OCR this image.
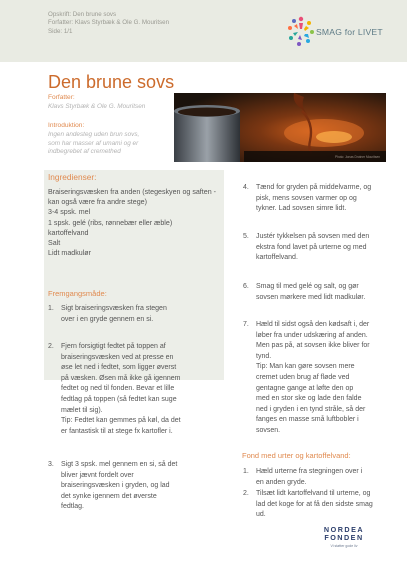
Opskrift: Den brune sovs
Forfatter: Klavs Styrbæk & Ole G. Mouritsen
Side: 1/1	SMAG for LIVET
Den brune sovs
Forfatter:
Klavs Styrbæk & Ole G. Mouritsen
Introduktion:
Ingen andesteg uden brun sovs,
som har masser af umami og er
indbegrebet af cremethed
Photo: Jonas Drotner Mouritsen
Ingredienser:
Braiseringsvæsken fra anden (stegeskyen og saften - kan også være fra andre stege)
3-4 spsk. mel
1 spsk. gelé (ribs, rønnebær eller æble)
kartoffelvand
Salt
Lidt madkulør
Fremgangsmåde:
1. Sigt braiseringsvæsken fra stegen

over i en gryde gennem en si.

2. Fjern forsigtigt fedtet på toppen af

braiseringsvæsken ved at presse en

øse let ned i fedtet, som ligger øverst

på væsken. Øsen må ikke gå igennem

fedtet og ned til fonden. Bevar et lille

fedtlag på toppen (så fedtet kan suge

mælet til sig).

Tip: Fedtet kan gemmes på køl, da det

er fantastisk til at stege fx kartofler i.

3. Sigt 3 spsk. mel gennem en si, så det

bliver jævnt fordelt over

braiseringsvæsken i gryden, og lad

det synke igennem det øverste

fedtlag.

4. Tænd for gryden på middelvarme, og

pisk, mens sovsen varmer op og

tykner. Lad sovsen simre lidt.

5. Justér tykkelsen på sovsen med den

ekstra fond lavet på urterne og med

kartoffelvand.

6. Smag til med gelé og salt, og gør

sovsen mørkere med lidt madkulør.

7. Hæld til sidst også den kødsaft i, der

løber fra under udskæring af anden.

Men pas på, at sovsen ikke bliver for

tynd.

Tip: Man kan gøre sovsen mere

cremet uden brug af fløde ved

gentagne gange at løfte den op

med en stor ske og lade den falde

ned i gryden i en tynd stråle, så der

fanges en masse små luftbobler i

sovsen.

Fond med urter og kartoffelvand:
1. Hæld urterne fra stegningen over i

en anden gryde.

2. Tilsæt lidt kartoffelvand til urterne, og

lad det koge for at få den sidste smag

ud.

NORDEA
FONDEN
Vi støtter gode liv
